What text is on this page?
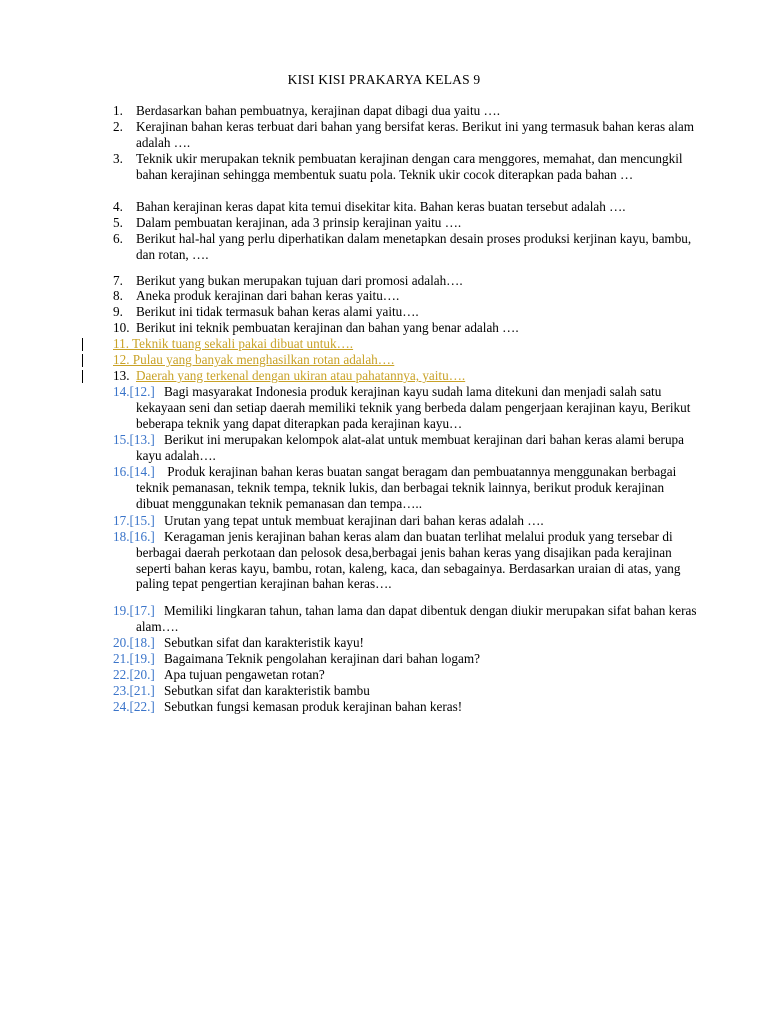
KISI KISI PRAKARYA KELAS 9
1. Berdasarkan bahan pembuatnya, kerajinan dapat dibagi dua yaitu ….
2. Kerajinan bahan keras terbuat dari bahan yang bersifat keras. Berikut ini yang termasuk bahan keras alam adalah ….
3. Teknik ukir merupakan teknik pembuatan kerajinan dengan cara menggores, memahat, dan mencungkil bahan kerajinan sehingga membentuk suatu pola. Teknik ukir cocok diterapkan pada bahan …
4. Bahan kerajinan keras dapat kita temui disekitar kita. Bahan keras buatan tersebut adalah ….
5. Dalam pembuatan kerajinan, ada 3 prinsip kerajinan yaitu ….
6. Berikut hal-hal yang perlu diperhatikan dalam menetapkan desain proses produksi kerjinan kayu, bambu, dan rotan, ….
7. Berikut yang bukan merupakan tujuan dari promosi adalah….
8. Aneka produk kerajinan dari bahan keras yaitu….
9. Berikut ini tidak termasuk bahan keras alami yaitu….
10. Berikut ini teknik pembuatan kerajinan dan bahan yang benar adalah ….
11. Teknik tuang sekali pakai dibuat untuk….
12. Pulau yang banyak menghasilkan rotan adalah….
13. Daerah yang terkenal dengan ukiran atau pahatannya, yaitu….
14.[12.] Bagi masyarakat Indonesia produk kerajinan kayu sudah lama ditekuni dan menjadi salah satu kekayaan seni dan setiap daerah memiliki teknik yang berbeda dalam pengerjaan kerajinan kayu, Berikut beberapa teknik yang dapat diterapkan pada kerajinan kayu…
15.[13.] Berikut ini merupakan kelompok alat-alat untuk membuat kerajinan dari bahan keras alami berupa kayu adalah….
16.[14.] Produk kerajinan bahan keras buatan sangat beragam dan pembuatannya menggunakan berbagai teknik pemanasan, teknik tempa, teknik lukis, dan berbagai teknik lainnya, berikut produk kerajinan dibuat menggunakan teknik pemanasan dan tempa…..
17.[15.] Urutan yang tepat untuk membuat kerajinan dari bahan keras adalah ….
18.[16.] Keragaman jenis kerajinan bahan keras alam dan buatan terlihat melalui produk yang tersebar di berbagai daerah perkotaan dan pelosok desa,berbagai jenis bahan keras yang disajikan pada kerajinan seperti bahan keras kayu, bambu, rotan, kaleng, kaca, dan sebagainya. Berdasarkan uraian di atas, yang paling tepat pengertian kerajinan bahan keras….
19.[17.] Memiliki lingkaran tahun, tahan lama dan dapat dibentuk dengan diukir merupakan sifat bahan keras alam….
20.[18.] Sebutkan sifat dan karakteristik kayu!
21.[19.] Bagaimana Teknik pengolahan kerajinan dari bahan logam?
22.[20.] Apa tujuan pengawetan rotan?
23.[21.] Sebutkan sifat dan karakteristik bambu
24.[22.] Sebutkan fungsi kemasan produk kerajinan bahan keras!
